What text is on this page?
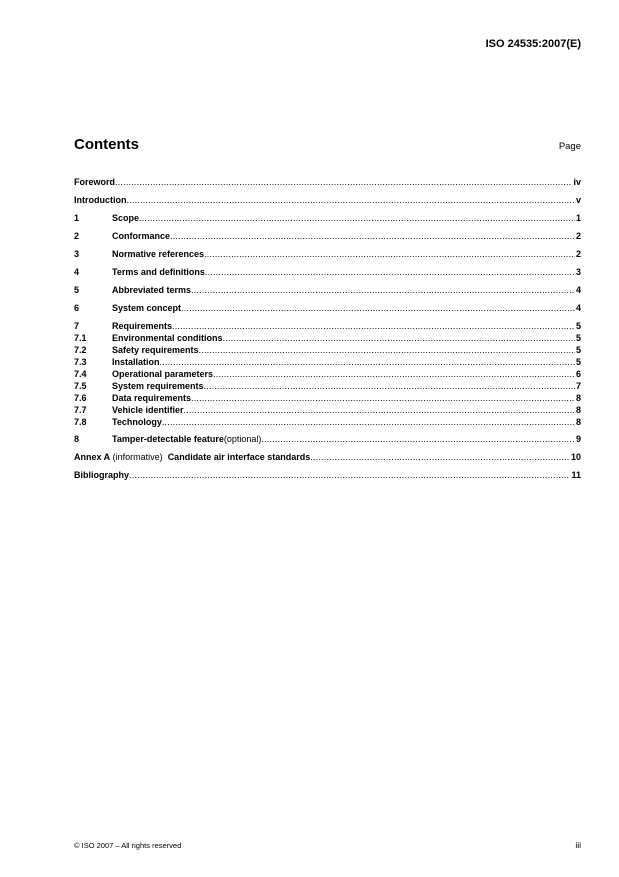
ISO 24535:2007(E)
Contents	Page
Foreword .....	iv
Introduction .....	v
1	Scope .....	1
2	Conformance .....	2
3	Normative references .....	2
4	Terms and definitions .....	3
5	Abbreviated terms .....	4
6	System concept .....	4
7	Requirements .....	5
7.1	Environmental conditions .....	5
7.2	Safety requirements .....	5
7.3	Installation .....	5
7.4	Operational parameters .....	6
7.5	System requirements .....	7
7.6	Data requirements .....	8
7.7	Vehicle identifier .....	8
7.8	Technology .....	8
8	Tamper-detectable feature (optional) .....	9
Annex A (informative) Candidate air interface standards .....	10
Bibliography .....	11
© ISO 2007 – All rights reserved	iii
